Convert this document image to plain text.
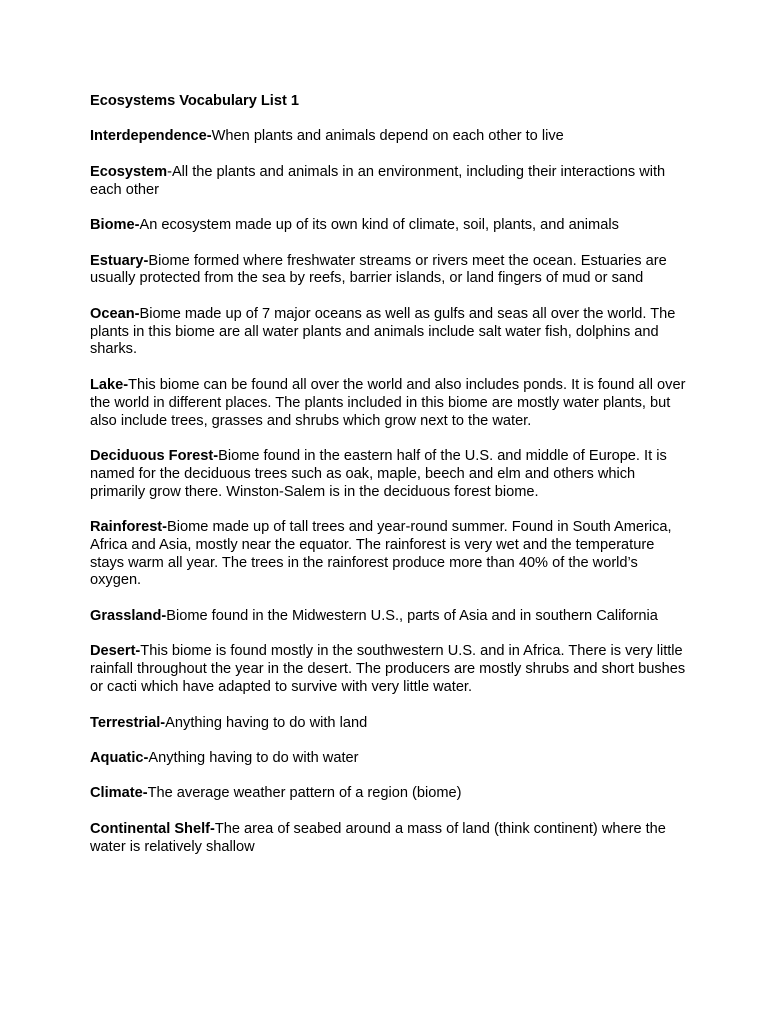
Ecosystems Vocabulary List 1
Interdependence-When plants and animals depend on each other to live
Ecosystem-All the plants and animals in an environment, including their interactions with each other
Biome-An ecosystem made up of its own kind of climate, soil, plants, and animals
Estuary-Biome formed where freshwater streams or rivers meet the ocean. Estuaries are usually protected from the sea by reefs, barrier islands, or land fingers of mud or sand
Ocean-Biome made up of 7 major oceans as well as gulfs and seas all over the world. The plants in this biome are all water plants and animals include salt water fish, dolphins and sharks.
Lake-This biome can be found all over the world and also includes ponds. It is found all over the world in different places. The plants included in this biome are mostly water plants, but also include trees, grasses and shrubs which grow next to the water.
Deciduous Forest-Biome found in the eastern half of the U.S. and middle of Europe. It is named for the deciduous trees such as oak, maple, beech and elm and others which primarily grow there. Winston-Salem is in the deciduous forest biome.
Rainforest-Biome made up of tall trees and year-round summer. Found in South America, Africa and Asia, mostly near the equator. The rainforest is very wet and the temperature stays warm all year. The trees in the rainforest produce more than 40% of the world’s oxygen.
Grassland-Biome found in the Midwestern U.S., parts of Asia and in southern California
Desert-This biome is found mostly in the southwestern U.S. and in Africa. There is very little rainfall throughout the year in the desert. The producers are mostly shrubs and short bushes or cacti which have adapted to survive with very little water.
Terrestrial-Anything having to do with land
Aquatic-Anything having to do with water
Climate-The average weather pattern of a region (biome)
Continental Shelf-The area of seabed around a mass of land (think continent) where the water is relatively shallow
